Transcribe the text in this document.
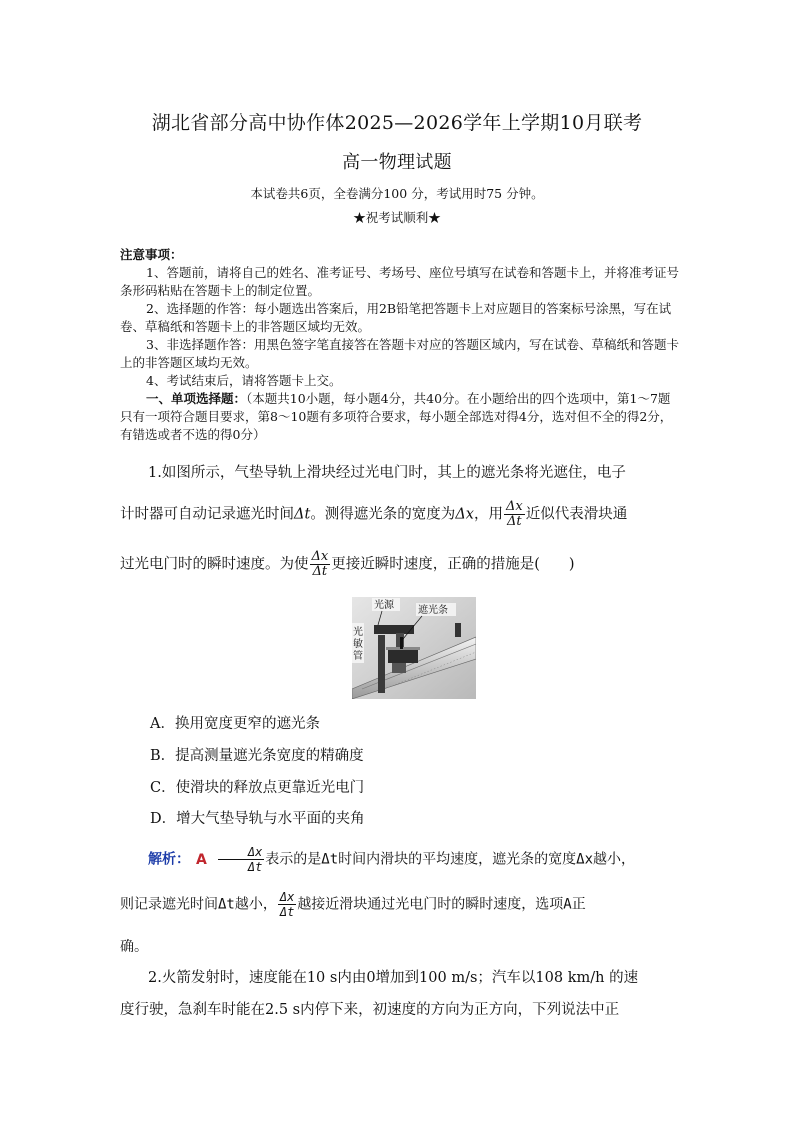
湖北省部分高中协作体2025—2026学年上学期10月联考
高一物理试题
本试卷共6页，全卷满分100 分，考试用时75 分钟。
★祝考试顺利★
注意事项：

1、答题前，请将自己的姓名、准考证号、考场号、座位号填写在试卷和答题卡上，并将准考证号条形码粘贴在答题卡上的制定位置。

2、选择题的作答：每小题选出答案后，用2B铅笔把答题卡上对应题目的答案标号涂黑，写在试卷、草稿纸和答题卡上的非答题区域均无效。

3、非选择题作答：用黑色签字笔直接答在答题卡对应的答题区域内，写在试卷、草稿纸和答题卡上的非答题区域均无效。

4、考试结束后，请将答题卡上交。

一、单项选择题：（本题共10小题，每小题4分，共40分。在小题给出的四个选项中，第1～7题只有一项符合题目要求，第8～10题有多项符合要求，每小题全部选对得4分，选对但不全的得2分，有错选或者不选的得0分）

1.如图所示，气垫导轨上滑块经过光电门时，其上的遮光条将光遮住，电子
计时器可自动记录遮光时间Δt。测得遮光条的宽度为Δx，用 $\frac{\Delta x}{\Delta t}$ 近似代表滑块通
过光电门时的瞬时速度。为使 $\frac{\Delta x}{\Delta t}$ 更接近瞬时速度，正确的措施是(　　)
光源 遮光条
光 敏 管
A．换用宽度更窄的遮光条
B．提高测量遮光条宽度的精确度
C．使滑块的释放点更靠近光电门
D．增大气垫导轨与水平面的夹角
解析： A $\frac{\Delta x}{\Delta t}$ 表示的是Δt时间内滑块的平均速度，遮光条的宽度Δx越小，
则记录遮光时间Δt越小， $\frac{\Delta x}{\Delta t}$ 越接近滑块通过光电门时的瞬时速度，选项A正
确。
2.火箭发射时，速度能在10 s内由0增加到100 m/s；汽车以108 km/h 的速
度行驶，急刹车时能在2.5 s内停下来，初速度的方向为正方向，下列说法中正
